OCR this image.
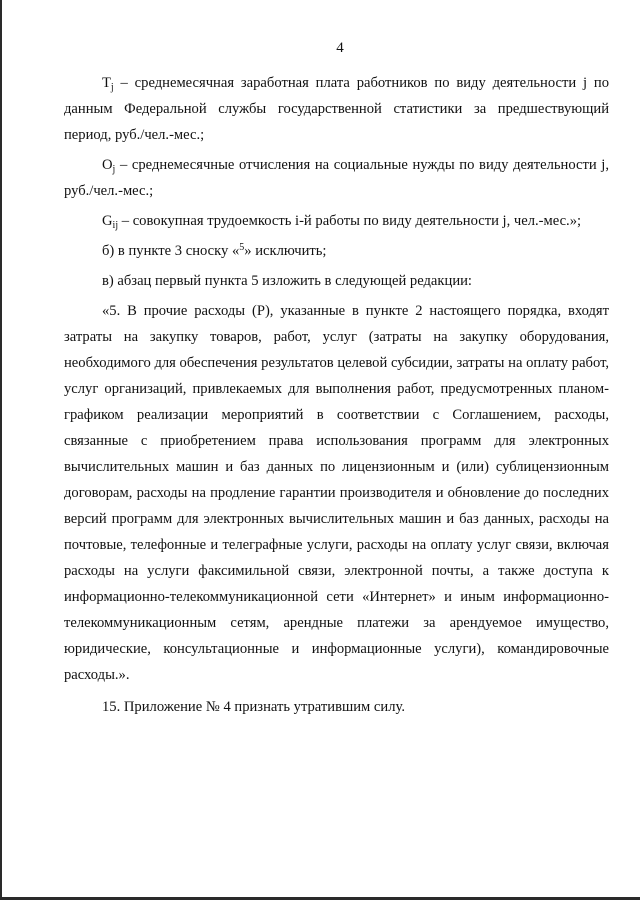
4

$T_j$ – среднемесячная заработная плата работников по виду деятельности j по данным Федеральной службы государственной статистики за предшествующий период, руб./чел.-мес.;

$O_j$ – среднемесячные отчисления на социальные нужды по виду деятельности j, руб./чел.-мес.;

$G_{ij}$ – совокупная трудоемкость i-й работы по виду деятельности j, чел.-мес.»;

б) в пункте 3 сноску «$^5$» исключить;

в) абзац первый пункта 5 изложить в следующей редакции:

«5. В прочие расходы (Р), указанные в пункте 2 настоящего порядка, входят затраты на закупку товаров, работ, услуг (затраты на закупку оборудования, необходимого для обеспечения результатов целевой субсидии, затраты на оплату работ, услуг организаций, привлекаемых для выполнения работ, предусмотренных планом-графиком реализации мероприятий в соответствии с Соглашением, расходы, связанные с приобретением права использования программ для электронных вычислительных машин и баз данных по лицензионным и (или) сублицензионным договорам, расходы на продление гарантии производителя и обновление до последних версий программ для электронных вычислительных машин и баз данных, расходы на почтовые, телефонные и телеграфные услуги, расходы на оплату услуг связи, включая расходы на услуги факсимильной связи, электронной почты, а также доступа к информационно-телекоммуникационной сети «Интернет» и иным информационно-телекоммуникационным сетям, арендные платежи за арендуемое имущество, юридические, консультационные и информационные услуги), командировочные расходы.».

15. Приложение № 4 признать утратившим силу.
